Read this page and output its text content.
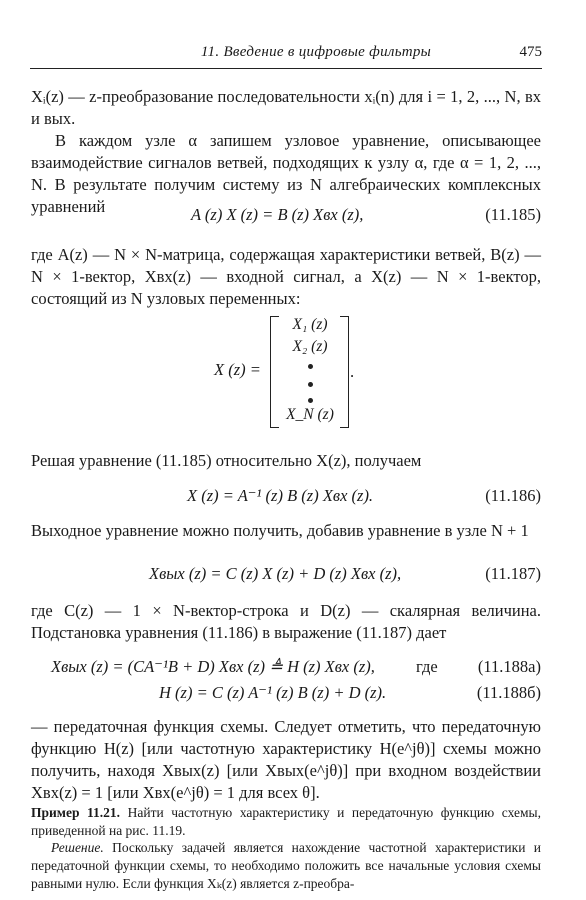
11. Введение в цифровые фильтры	475
Xᵢ(z) — z-преобразование последовательности xᵢ(n) для i = 1, 2, ..., N, вх и вых.
В каждом узле α запишем узловое уравнение, описывающее взаимодействие сигналов ветвей, подходящих к узлу α, где α = 1, 2, ..., N. В результате получим систему из N алгебраических комплексных уравнений	A (z) X (z) = B (z) Xвх (z),	(11.185)
где A(z) — N × N-матрица, содержащая характеристики ветвей, B(z) — N × 1-вектор, Xвх(z) — входной сигнал, а X(z) — N × 1-вектор, состоящий из N узловых переменных:
X (z) =
X₁ (z)
X₂ (z)
X_N (z)
.
Решая уравнение (11.185) относительно X(z), получаем
X (z) = A⁻¹ (z) B (z) Xвх (z).	(11.186)
Выходное уравнение можно получить, добавив уравнение в узле N + 1
Xвых (z) = C (z) X (z) + D (z) Xвх (z),	(11.187)
где C(z) — 1 × N-вектор-строка и D(z) — скалярная величина. Подстановка уравнения (11.186) в выражение (11.187) дает
Xвых (z) = (CA⁻¹B + D) Xвх (z) ≜ H (z) Xвх (z), где (11.188а)
H (z) = C (z) A⁻¹ (z) B (z) + D (z).	(11.188б)
— передаточная функция схемы. Следует отметить, что передаточную функцию H(z) [или частотную характеристику H(e^jθ)] схемы можно получить, находя Xвых(z) [или Xвых(e^jθ)] при входном воздействии Xвх(z) = 1 [или Xвх(e^jθ) = 1 для всех θ].
Пример 11.21. Найти частотную характеристику и передаточную функцию схемы, приведенной на рис. 11.19.
Решение. Поскольку задачей является нахождение частотной характеристики и передаточной функции схемы, то необходимо положить все начальные условия схемы равными нулю. Если функция Xₖ(z) является z-преобра-
